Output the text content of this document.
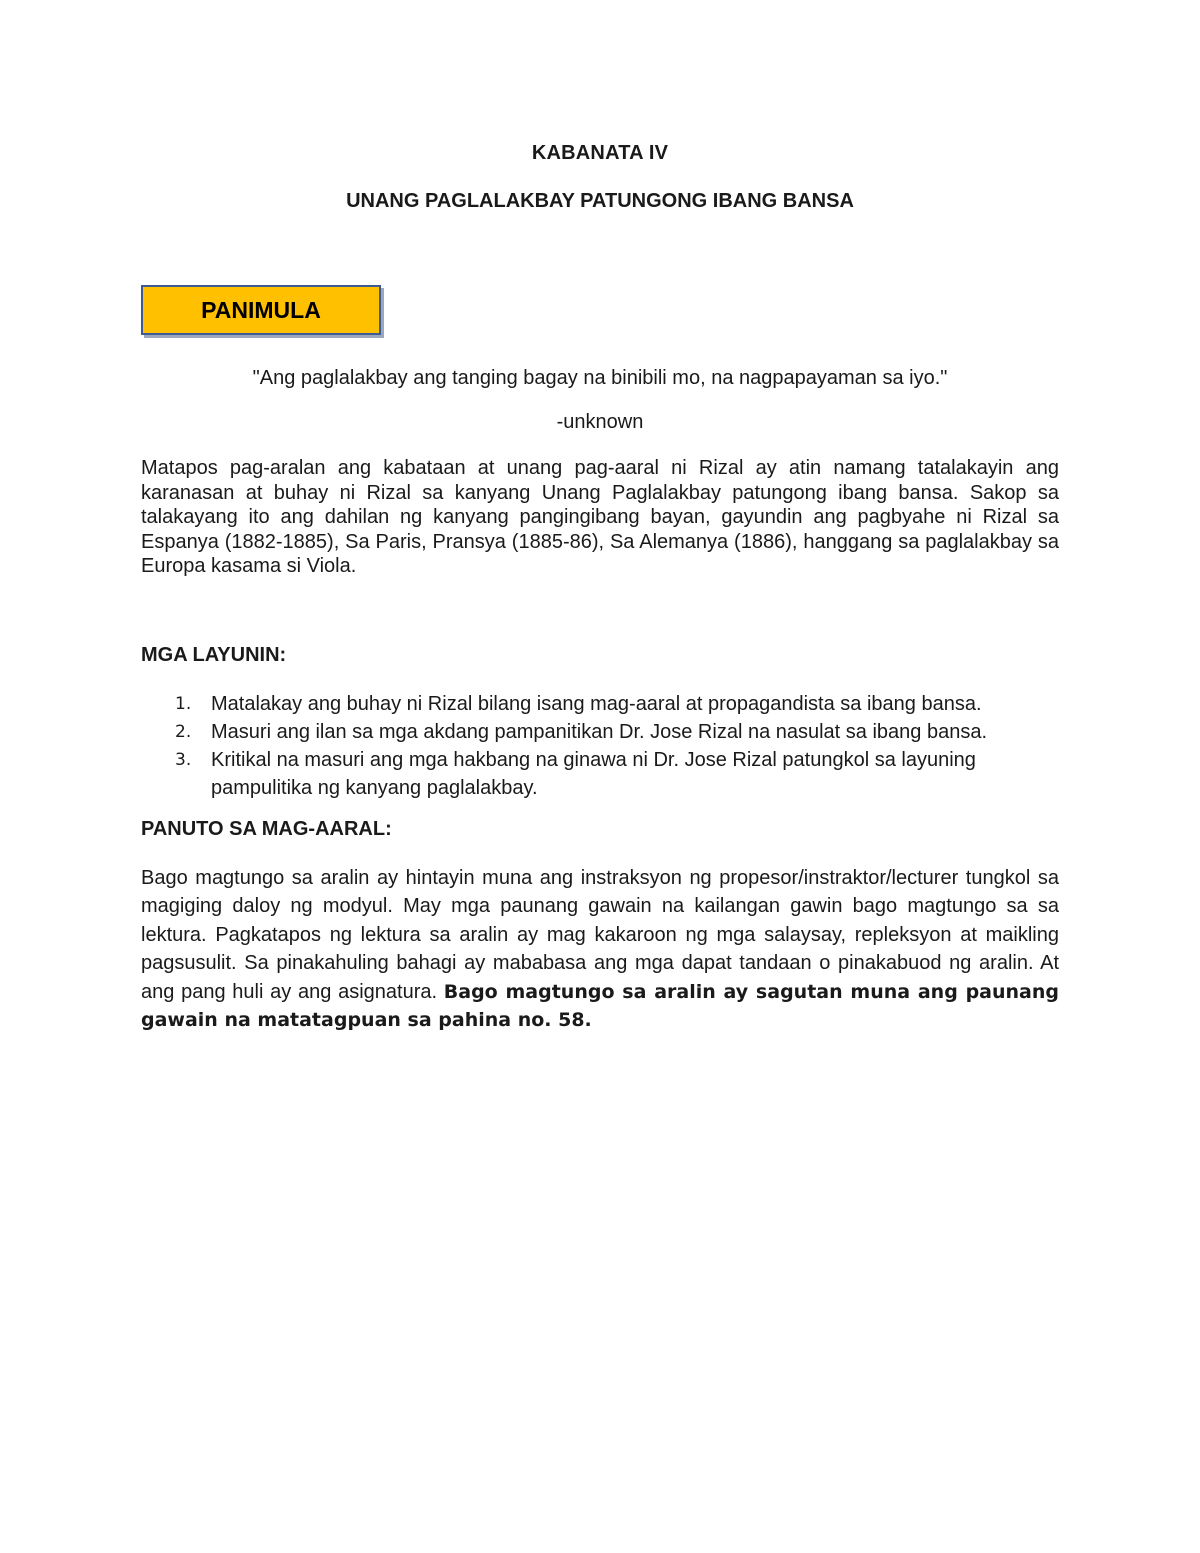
KABANATA IV
UNANG PAGLALAKBAY PATUNGONG IBANG BANSA
PANIMULA

"Ang paglalakbay ang tanging bagay na binibili mo, na nagpapayaman sa iyo."

-unknown

Matapos pag-aralan ang kabataan at unang pag-aaral ni Rizal ay atin namang tatalakayin ang karanasan at buhay ni Rizal sa kanyang Unang Paglalakbay patungong ibang bansa. Sakop sa talakayang ito ang dahilan ng kanyang pangingibang bayan, gayundin ang pagbyahe ni Rizal sa Espanya (1882-1885), Sa Paris, Pransya (1885-86), Sa Alemanya (1886), hanggang sa paglalakbay sa Europa kasama si Viola.

MGA LAYUNIN:
1. Matalakay ang buhay ni Rizal bilang isang mag-aaral at propagandista sa ibang bansa.
2. Masuri ang ilan sa mga akdang pampanitikan Dr. Jose Rizal na nasulat sa ibang bansa.
3. Kritikal na masuri ang mga hakbang na ginawa ni Dr. Jose Rizal patungkol sa layuning pampulitika ng kanyang paglalakbay.
PANUTO SA MAG-AARAL:

Bago magtungo sa aralin ay hintayin muna ang instraksyon ng propesor/instraktor/lecturer tungkol sa magiging daloy ng modyul. May mga paunang gawain na kailangan gawin bago magtungo sa sa lektura. Pagkatapos ng lektura sa aralin ay mag kakaroon ng mga salaysay, repleksyon at maikling pagsusulit. Sa pinakahuling bahagi ay mababasa ang mga dapat tandaan o pinakabuod ng aralin. At ang pang huli ay ang asignatura. Bago magtungo sa aralin ay sagutan muna ang paunang gawain na matatagpuan sa pahina no. 58.
